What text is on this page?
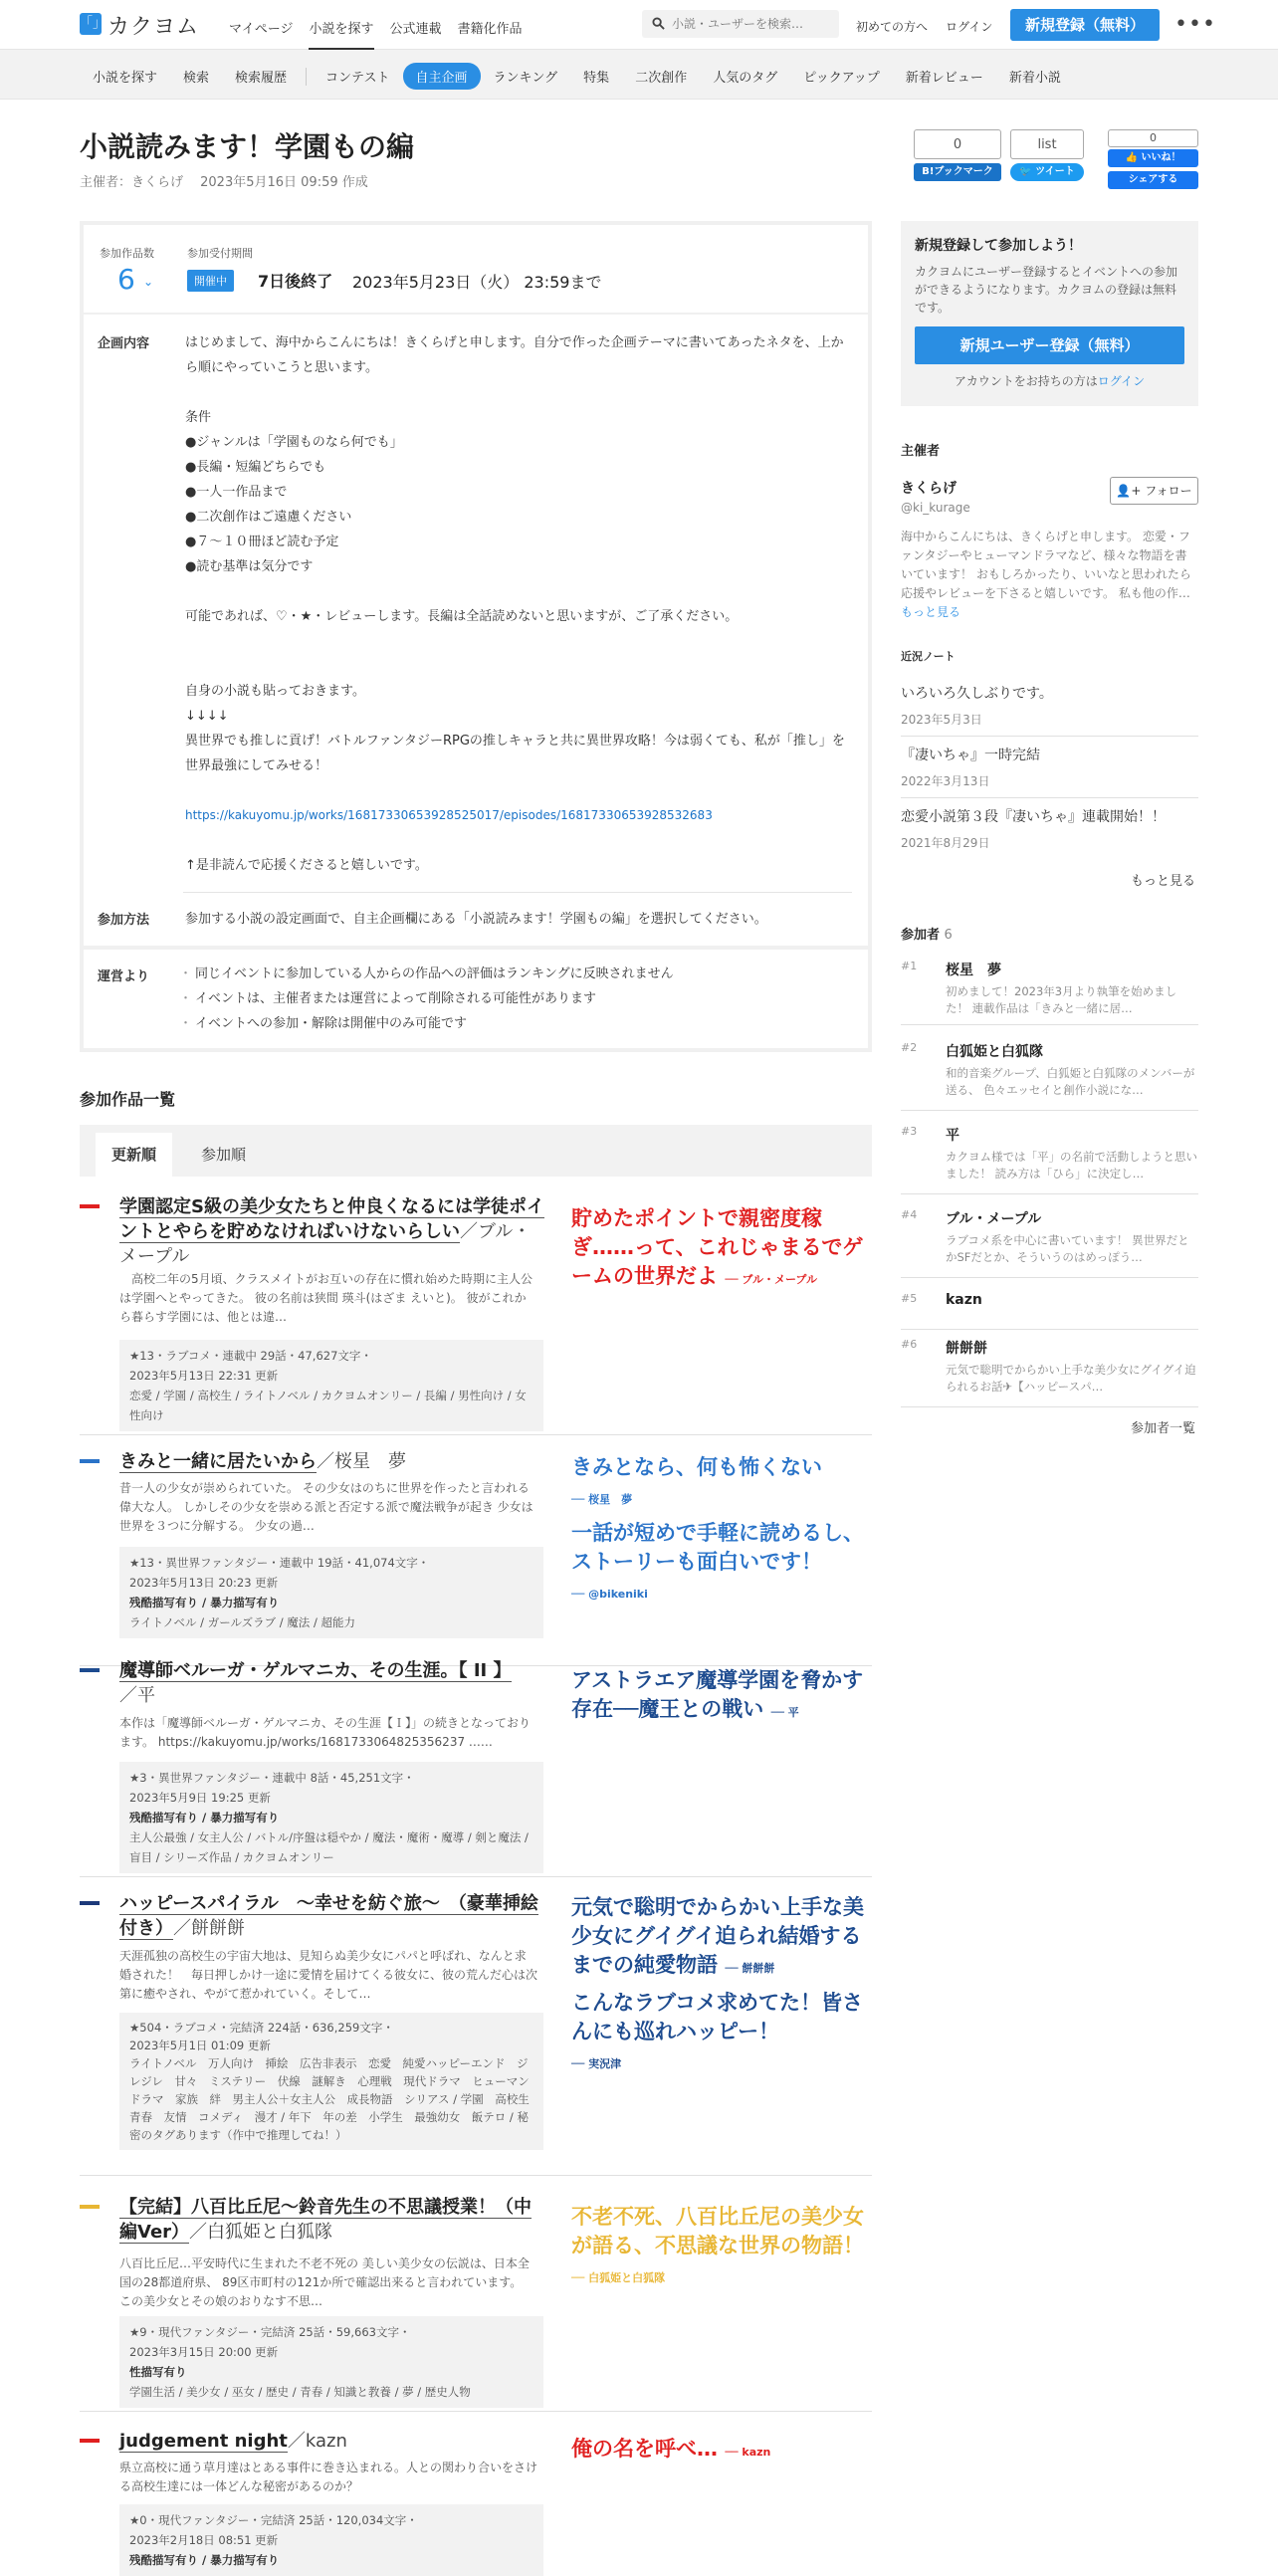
「」 カクヨム マイページ 小説を探す 公式連載 書籍化作品
小説・ユーザーを検索…	初めての方へ ログイン	新規登録（無料）	•••
小説を探す	検索	検索履歴	コンテスト	自主企画	ランキング	特集	二次創作	人気のタグ	ピックアップ	新着レビュー	新着小説
小説読みます！学園もの編
主催者：きくらげ　 2023年5月16日 09:59 作成
0
B!ブックマーク
list
🐦 ツイート
0
👍 いいね！
シェアする
参加作品数
6 ⌄
参加受付期間
開催中	7日後終了 2023年5月23日（火） 23:59まで
企画内容	はじめまして、海中からこんにちは！きくらげと申します。自分で作った企画テーマに書いてあったネタを、上から順にやっていこうと思います。

条件

●ジャンルは「学園ものなら何でも」

●長編・短編どちらでも

●一人一作品まで

●二次創作はご遠慮ください

●７～１０冊ほど読む予定

●読む基準は気分です

可能であれば、♡・★・レビューします。長編は全話読めないと思いますが、ご了承ください。

自身の小説も貼っておきます。

↓↓↓↓

異世界でも推しに貢げ！バトルファンタジーRPGの推しキャラと共に異世界攻略！今は弱くても、私が「推し」を世界最強にしてみせる！

https://kakuyomu.jp/works/16817330653928525017/episodes/16817330653928532683

↑是非読んで応援くださると嬉しいです。

参加方法	参加する小説の設定画面で、自主企画欄にある「小説読みます！学園もの編」を選択してください。
運営より
・	同じイベントに参加している人からの作品への評価はランキングに反映されません
・ イベントは、主催者または運営によって削除される可能性があります
・ イベントへの参加・解除は開催中のみ可能です
参加作品一覧
更新順	参加順
学園認定S級の美少女たちと仲良くなるには学徒ポイントとやらを貯めなければいけないらしい／ブル・メープル
　高校二年の5月頃、クラスメイトがお互いの存在に慣れ始めた時期に主人公は学園へとやってきた。 彼の名前は狭間 瑛斗(はざま えいと)。 彼がこれから暮らす学園には、他とは違…
★13・ラブコメ・連載中 29話・47,627文字・
2023年5月13日 22:31 更新
恋愛 / 学園 / 高校生 / ライトノベル / カクヨムオンリー / 長編 / 男性向け / 女性向け
貯めたポイントで親密度稼ぎ……って、これじゃまるでゲームの世界だよ ── ブル・メープル
きみと一緒に居たいから／桜星　夢
昔一人の少女が崇められていた。 その少女はのちに世界を作ったと言われる偉大な人。 しかしその少女を崇める派と否定する派で魔法戦争が起き 少女は世界を３つに分解する。 少女の過…
★13・異世界ファンタジー・連載中 19話・41,074文字・
2023年5月13日 20:23 更新
残酷描写有り / 暴力描写有り
ライトノベル / ガールズラブ / 魔法 / 超能力
きみとなら、何も怖くない
── 桜星　夢
一話が短めで手軽に読めるし、ストーリーも面白いです！
── @bikeniki
魔導師ベルーガ・ゲルマニカ、その生涯。【 II 】
／平
本作は「魔導師ベルーガ・ゲルマニカ、その生涯【Ｉ】」の続きとなっております。 https://kakuyomu.jp/works/1681733064825356237 ……
★3・異世界ファンタジー・連載中 8話・45,251文字・
2023年5月9日 19:25 更新
残酷描写有り / 暴力描写有り
主人公最強 / 女主人公 / バトル/序盤は穏やか / 魔法・魔術・魔導 / 剣と魔法 / 盲目 / シリーズ作品 / カクヨムオンリー
アストラエア魔導学園を脅かす存在──魔王との戦い ── 平
ハッピースパイラル　～幸せを紡ぐ旅～　（豪華挿絵付き）／餅餅餅
天涯孤独の高校生の宇宙大地は、見知らぬ美少女にパパと呼ばれ、なんと求婚された！　毎日押しかけ一途に愛情を届けてくる彼女に、彼の荒んだ心は次第に癒やされ、やがて惹かれていく。そして…
★504・ラブコメ・完結済 224話・636,259文字・
2023年5月1日 01:09 更新
ライトノベル　万人向け　挿絵　広告非表示　恋愛　純愛ハッピーエンド　ジレジレ　甘々　ミステリー　伏線　謎解き　心理戦　現代ドラマ　ヒューマンドラマ　家族　絆　男主人公＋女主人公　成長物語　シリアス / 学園　高校生　青春　友情　コメディ　漫才 / 年下　年の差　小学生　最強幼女　飯テロ / 秘密のタグあります（作中で推理してね！）
元気で聡明でからかい上手な美少女にグイグイ迫られ結婚するまでの純愛物語 ── 餅餅餅
こんなラブコメ求めてた！皆さんにも巡れハッピー！
── 実況津
【完結】八百比丘尼～鈴音先生の不思議授業！（中編Ver）／白狐姫と白狐隊
八百比丘尼…平安時代に生まれた不老不死の 美しい美少女の伝説は、日本全国の28都道府県、 89区市町村の121か所で確認出来ると言われています。 この美少女とその娘のおりなす不思…
★9・現代ファンタジー・完結済 25話・59,663文字・
2023年3月15日 20:00 更新
性描写有り
学園生活 / 美少女 / 巫女 / 歴史 / 青春 / 知識と教養 / 夢 / 歴史人物
不老不死、八百比丘尼の美少女が語る、不思議な世界の物語！
── 白狐姫と白狐隊
judgement night／kazn
県立高校に通う草月達はとある事件に巻き込まれる。人との関わり合いをさける高校生達には一体どんな秘密があるのか？
★0・現代ファンタジー・完結済 25話・120,034文字・
2023年2月18日 08:51 更新
残酷描写有り / 暴力描写有り
俺の名を呼べ… ── kazn
新規登録して参加しよう！

カクヨムにユーザー登録するとイベントへの参加ができるようになります。カクヨムの登録は無料です。

新規ユーザー登録（無料）
アカウントをお持ちの方はログイン
主催者
きくらげ
@ki_kurage
👤+ フォロー
海中からこんにちは、きくらげと申します。 恋愛・ファンタジーやヒューマンドラマなど、様々な物語を書いています！ おもしろかったり、いいなと思われたら応援やレビューを下さると嬉しいです。 私も他の作…もっと見る
近況ノート
いろいろ久しぶりです。
2023年5月3日
『凄いちゃ』一時完結
2022年3月13日
恋愛小説第３段『凄いちゃ』連載開始！！
2021年8月29日
もっと見る
参加者 6
#1 桜星　夢
初めまして！2023年3月より執筆を始めました！ 連載作品は「きみと一緒に居…
#2 白狐姫と白狐隊
和的音楽グループ、白狐姫と白狐隊のメンバーが送る、 色々エッセイと創作小説にな…
#3 平
カクヨム様では「平」の名前で活動しようと思いました！ 読み方は「ひら」に決定し…
#4 ブル・メープル
ラブコメ系を中心に書いています！ 異世界だとかSFだとか、そういうのはめっぽう…
#5 kazn
#6 餅餅餅
元気で聡明でからかい上手な美少女にグイグイ迫られるお話✈【ハッピースパ…
参加者一覧
